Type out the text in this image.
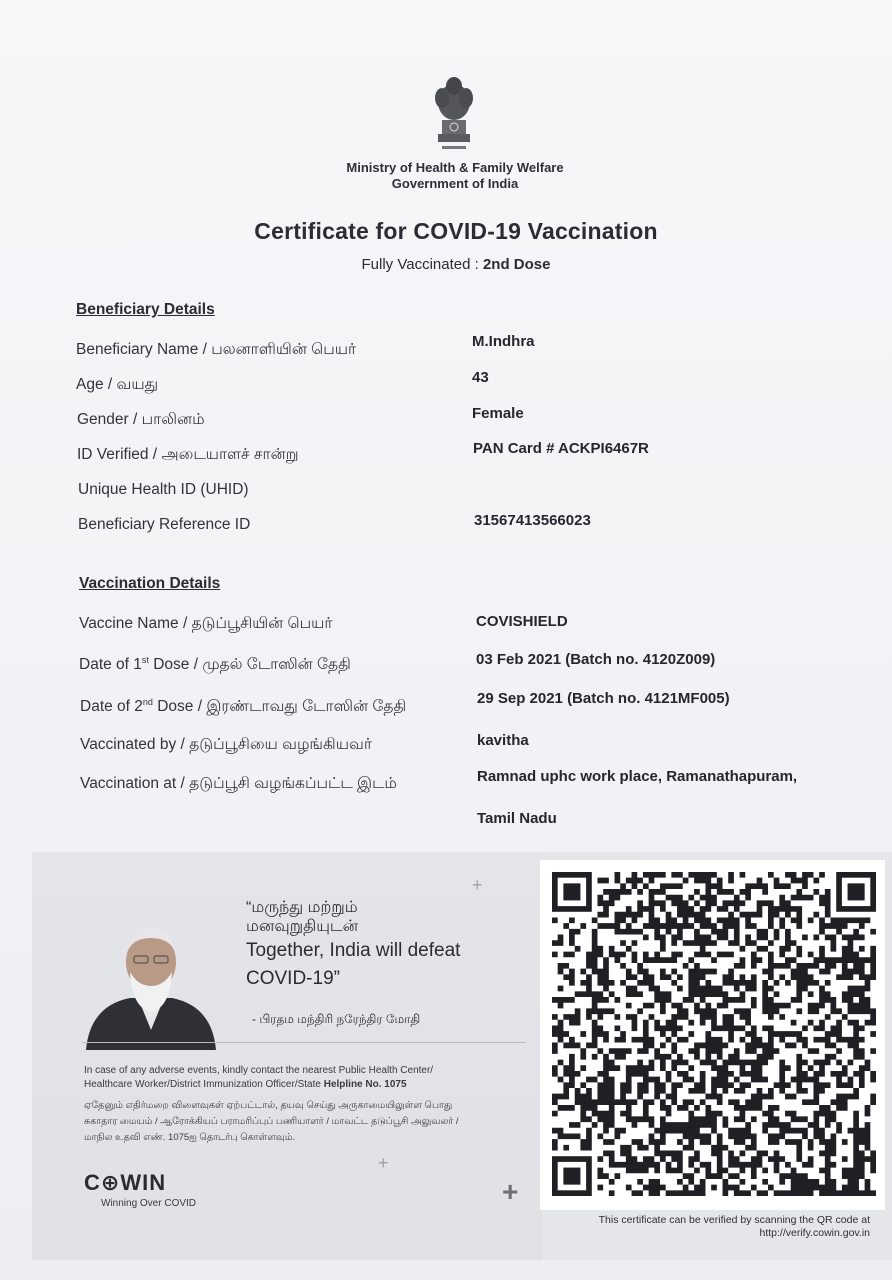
Ministry of Health & Family Welfare
Government of India
Certificate for COVID-19 Vaccination
Fully Vaccinated : 2nd Dose
Beneficiary Details
Beneficiary Name / பலனாளியின் பெயர்	M.Indhra
Age / வயது	43
Gender / பாலினம்	Female
ID Verified / அடையாளச் சான்று	PAN Card # ACKPI6467R
Unique Health ID (UHID)
Beneficiary Reference ID	31567413566023
Vaccination Details
Vaccine Name / தடுப்பூசியின் பெயர்	COVISHIELD
Date of 1st Dose / முதல் டோஸின் தேதி	03 Feb 2021 (Batch no. 4120Z009)
Date of 2nd Dose / இரண்டாவது டோஸின் தேதி	29 Sep 2021 (Batch no. 4121MF005)
Vaccinated by / தடுப்பூசியை வழங்கியவர்	kavitha
Vaccination at / தடுப்பூசி வழங்கப்பட்ட இடம்	Ramnad uphc work place, Ramanathapuram,
Tamil Nadu
“மருந்து மற்றும்
மனவுறுதியுடன்
Together, India will defeat
COVID-19”
- பிரதம மந்திரி நரேந்திர மோதி
In case of any adverse events, kindly contact the nearest Public Health Center/
Healthcare Worker/District Immunization Officer/State Helpline No. 1075
ஏதேனும் எதிர்மறை விளைவுகள் ஏற்பட்டால், தயவு செய்து அருகாமையிலுள்ள பொது
சுகாதார மையம் / ஆரோக்கியப் பராமரிப்புப் பணியாளர் / மாவட்ட தடுப்பூசி அலுவலர் /
மாநில உதவி எண். 1075ஐ தொடர்பு கொள்ளவும்.
C⊕WIN
Winning Over COVID
+
+
+
This certificate can be verified by scanning the QR code at
http://verify.cowin.gov.in
